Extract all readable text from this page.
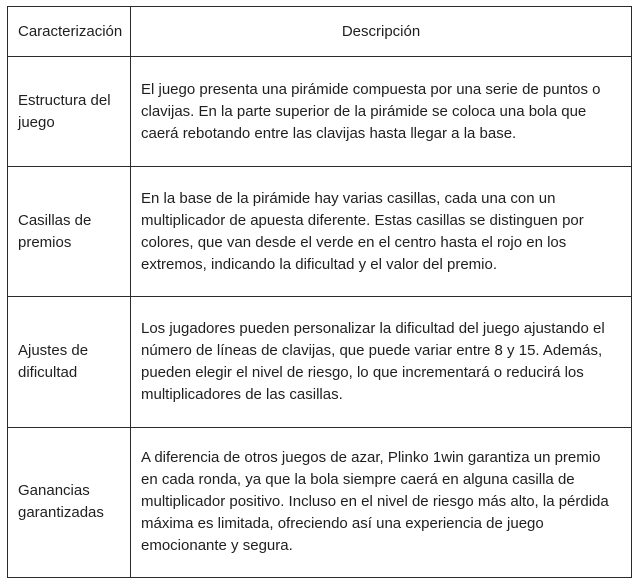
Caracterización	Descripción
Estructura del juego	El juego presenta una pirámide compuesta por una serie de puntos o clavijas. En la parte superior de la pirámide se coloca una bola que caerá rebotando entre las clavijas hasta llegar a la base.
Casillas de premios	En la base de la pirámide hay varias casillas, cada una con un multiplicador de apuesta diferente. Estas casillas se distinguen por colores, que van desde el verde en el centro hasta el rojo en los extremos, indicando la dificultad y el valor del premio.
Ajustes de dificultad	Los jugadores pueden personalizar la dificultad del juego ajustando el número de líneas de clavijas, que puede variar entre 8 y 15. Además, pueden elegir el nivel de riesgo, lo que incrementará o reducirá los multiplicadores de las casillas.
Ganancias garantizadas	A diferencia de otros juegos de azar, Plinko 1win garantiza un premio en cada ronda, ya que la bola siempre caerá en alguna casilla de multiplicador positivo. Incluso en el nivel de riesgo más alto, la pérdida máxima es limitada, ofreciendo así una experiencia de juego emocionante y segura.
